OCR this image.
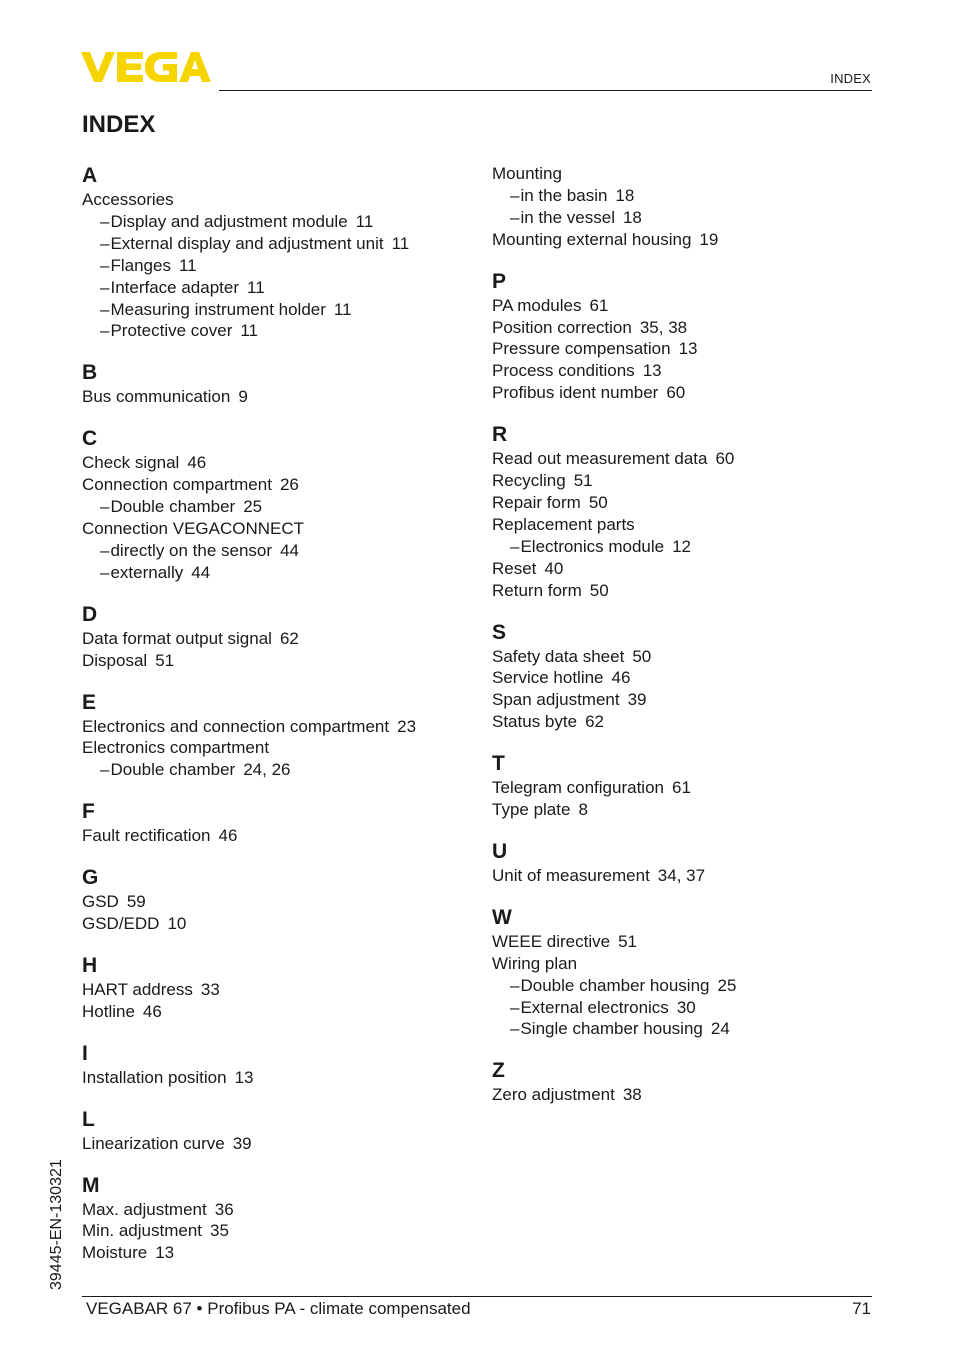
INDEX
INDEX
A
Accessories
– Display and adjustment module 11
– External display and adjustment unit 11
– Flanges 11
– Interface adapter 11
– Measuring instrument holder 11
– Protective cover 11
B
Bus communication 9
C
Check signal 46
Connection compartment 26
– Double chamber 25
Connection VEGACONNECT
– directly on the sensor 44
– externally 44
D
Data format output signal 62
Disposal 51
E
Electronics and connection compartment 23
Electronics compartment
– Double chamber 24, 26
F
Fault rectification 46
G
GSD 59
GSD/EDD 10
H
HART address 33
Hotline 46
I
Installation position 13
L
Linearization curve 39
M
Max. adjustment 36
Min. adjustment 35
Moisture 13
Mounting
– in the basin 18
– in the vessel 18
Mounting external housing 19
P
PA modules 61
Position correction 35, 38
Pressure compensation 13
Process conditions 13
Profibus ident number 60
R
Read out measurement data 60
Recycling 51
Repair form 50
Replacement parts
– Electronics module 12
Reset 40
Return form 50
S
Safety data sheet 50
Service hotline 46
Span adjustment 39
Status byte 62
T
Telegram configuration 61
Type plate 8
U
Unit of measurement 34, 37
W
WEEE directive 51
Wiring plan
– Double chamber housing 25
– External electronics 30
– Single chamber housing 24
Z
Zero adjustment 38
39445-EN-130321
VEGABAR 67 • Profibus PA - climate compensated	71
